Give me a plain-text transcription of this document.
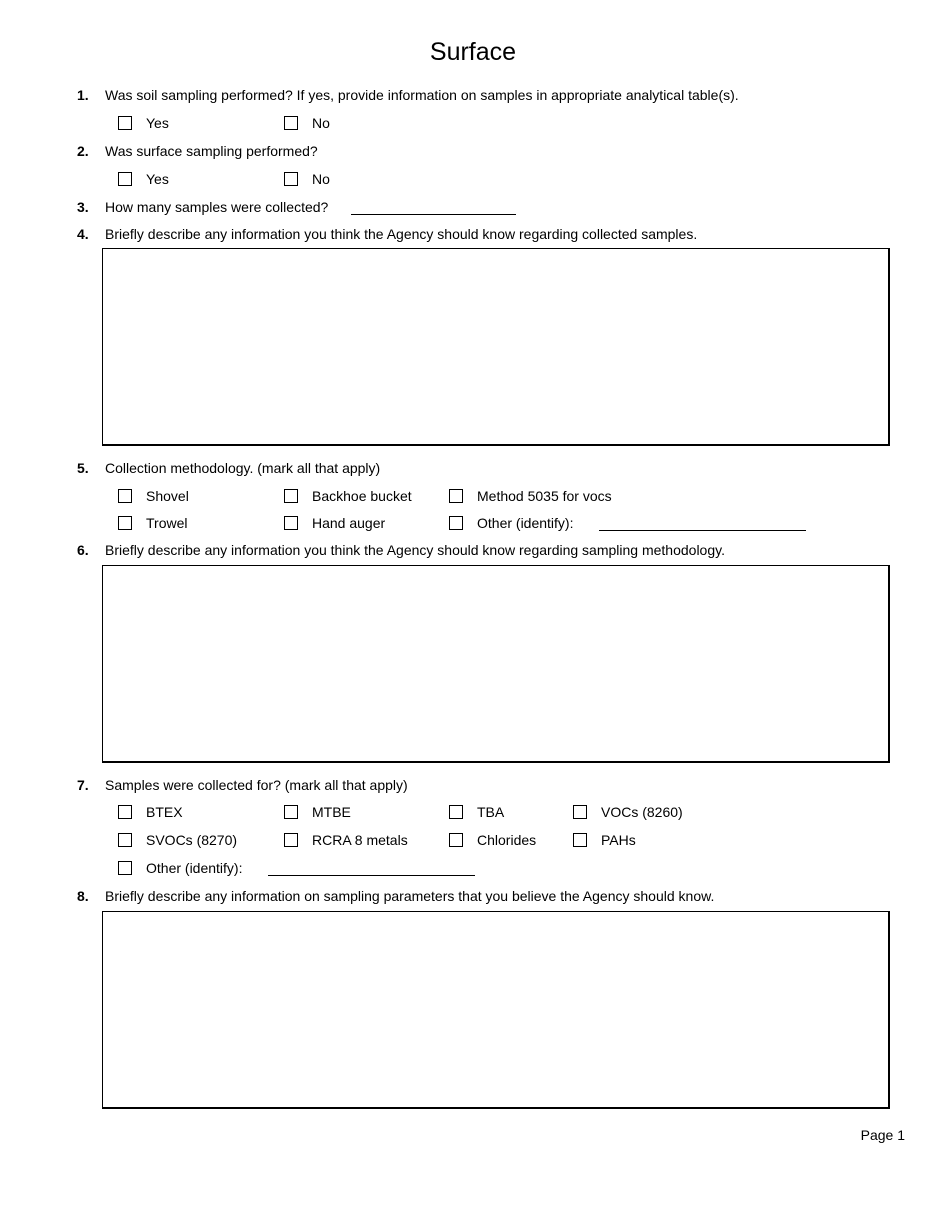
Surface
1. Was soil sampling performed? If yes, provide information on samples in appropriate analytical table(s).
Yes	No
2. Was surface sampling performed?
Yes	No
3. How many samples were collected?
4. Briefly describe any information you think the Agency should know regarding collected samples.
5. Collection methodology. (mark all that apply)
Shovel	Backhoe bucket	Method 5035 for vocs
Trowel	Hand auger	Other (identify):
6. Briefly describe any information you think the Agency should know regarding sampling methodology.
7. Samples were collected for? (mark all that apply)
BTEX	MTBE	TBA	VOCs (8260)
SVOCs (8270)	RCRA 8 metals	Chlorides	PAHs
Other (identify):
8. Briefly describe any information on sampling parameters that you believe the Agency should know.
Page 1
